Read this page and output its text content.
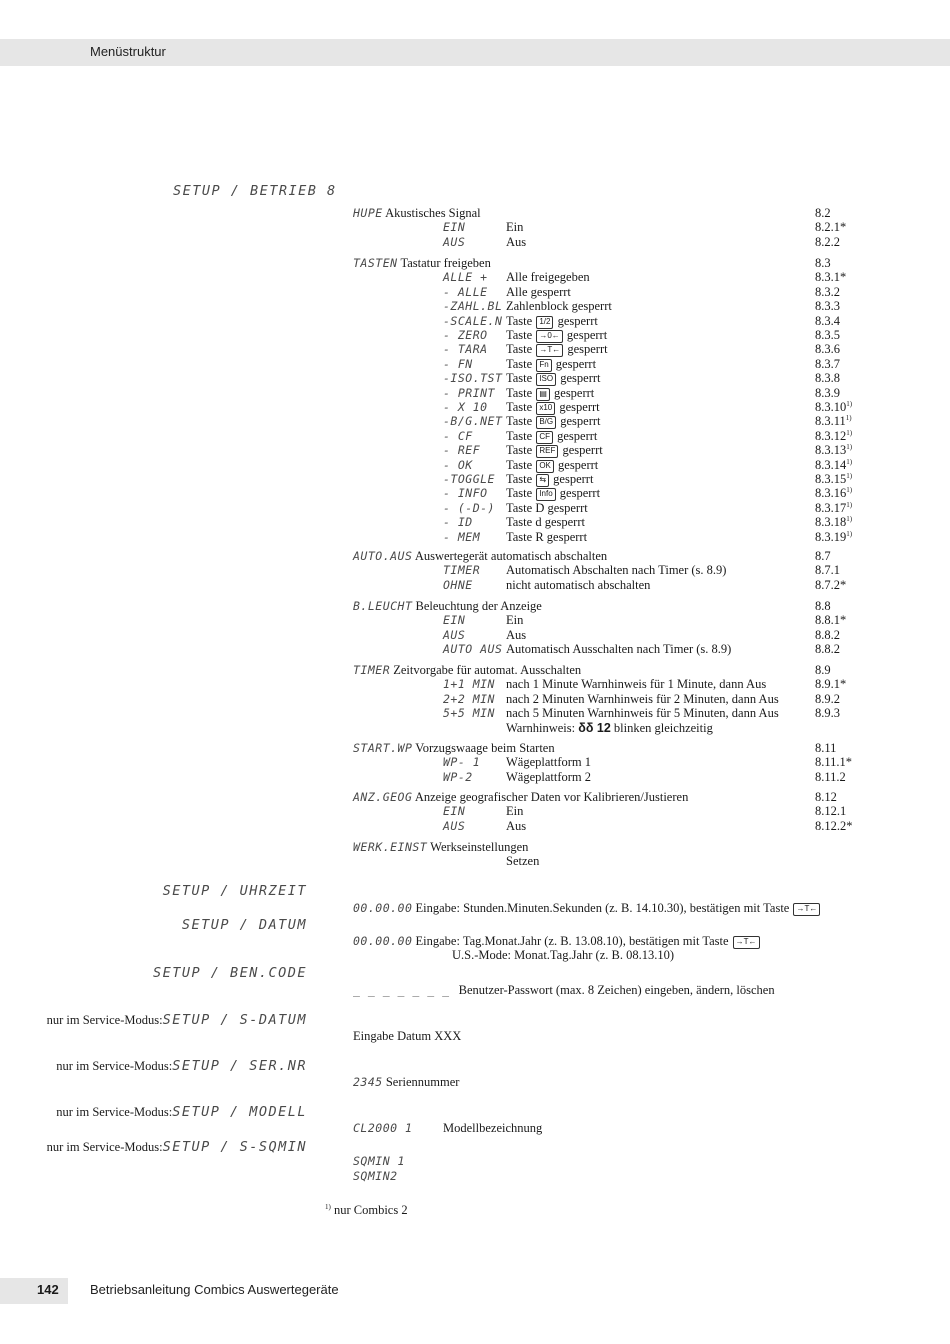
Menüstruktur
SETUP / BETRIEB 8
HUPE Akustisches Signal	8.2
EIN	Ein	8.2.1*
AUS	Aus	8.2.2
TASTEN Tastatur freigeben	8.3
ALLE + Alle freigegeben	8.3.1*
- ALLE Alle gesperrt	8.3.2
-ZAHL.BL Zahlenblock gesperrt	8.3.3
-SCALE.N Taste 1/2 gesperrt	8.3.4
- ZERO Taste →0← gesperrt	8.3.5
- TARA Taste →T← gesperrt	8.3.6
- FN	Taste Fn gesperrt	8.3.7
-ISO.TST Taste ISO gesperrt	8.3.8
- PRINT Taste ▤ gesperrt	8.3.9
- X 10 Taste x10 gesperrt	8.3.10$^{1)}$
-B/G.NET Taste B/G gesperrt	8.3.11$^{1)}$
- CF	Taste CF gesperrt	8.3.12$^{1)}$
- REF Taste REF gesperrt	8.3.13$^{1)}$
- OK	Taste OK gesperrt	8.3.14$^{1)}$
-TOGGLE Taste ⇆ gesperrt	8.3.15$^{1)}$
- INFO Taste Info gesperrt	8.3.16$^{1)}$
- (-D-) Taste D gesperrt	8.3.17$^{1)}$
- ID	Taste d gesperrt	8.3.18$^{1)}$
- MEM Taste R gesperrt	8.3.19$^{1)}$
AUTO.AUS Auswertegerät automatisch abschalten	8.7
TIMER Automatisch Abschalten nach Timer (s. 8.9)	8.7.1
OHNE	nicht automatisch abschalten	8.7.2*
B.LEUCHT Beleuchtung der Anzeige	8.8
EIN	Ein	8.8.1*
AUS	Aus	8.8.2
AUTO AUS Automatisch Ausschalten nach Timer (s. 8.9)	8.8.2
TIMER Zeitvorgabe für automat. Ausschalten	8.9
1+1 MIN nach 1 Minute Warnhinweis für 1 Minute, dann Aus	8.9.1*
2+2 MIN nach 2 Minuten Warnhinweis für 2 Minuten, dann Aus	8.9.2
5+5 MIN nach 5 Minuten Warnhinweis für 5 Minuten, dann Aus	8.9.3
Warnhinweis: δδ 12 blinken gleichzeitig
START.WP Vorzugswaage beim Starten	8.11
WP- 1 Wägeplattform 1	8.11.1*
WP-2	Wägeplattform 2	8.11.2
ANZ.GEOG Anzeige geografischer Daten vor Kalibrieren/Justieren	8.12
EIN	Ein	8.12.1
AUS	Aus	8.12.2*
WERK.EINST Werkseinstellungen
Setzen
SETUP / UHRZEIT
00.00.00 Eingabe: Stunden.Minuten.Sekunden (z. B. 14.10.30), bestätigen mit Taste →T←
SETUP / DATUM
00.00.00 Eingabe: Tag.Monat.Jahr (z. B. 13.08.10), bestätigen mit Taste →T←
U.S.-Mode: Monat.Tag.Jahr (z. B. 08.13.10)
SETUP / BEN.CODE
_ _ _ _ _ _ _ Benutzer-Passwort (max. 8 Zeichen) eingeben, ändern, löschen
nur im Service-Modus:SETUP / S-DATUM
Eingabe Datum XXX
nur im Service-Modus:SETUP / SER.NR
2345 Seriennummer
nur im Service-Modus:SETUP / MODELL
CL2000 1 Modellbezeichnung
nur im Service-Modus:SETUP / S-SQMIN
SQMIN 1
SQMIN2
$^{1)}$ nur Combics 2
142 Betriebsanleitung Combics Auswertegeräte
